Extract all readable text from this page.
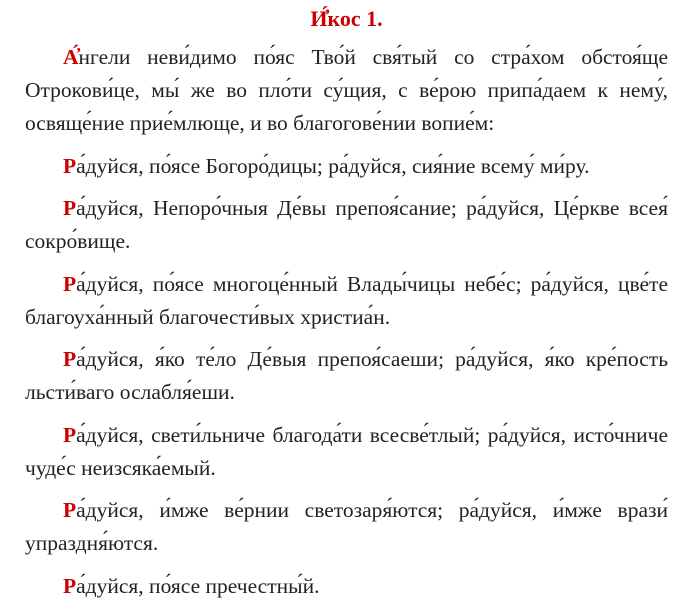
И҆́кос 1.

А҆́нгели неви́димо по́яс Тво́й свя́тый со стра́хом обстоя́ще Отрокови́це, мы́ же во пло́ти су́щия, с ве́рою припа́даем к нему́, освяще́ние прие́млюще, и во благогове́нии вопие́м:

Ра́дуйся, по́ясе Богоро́дицы; ра́дуйся, сия́ние всему́ ми́ру.

Ра́дуйся, Непоро́чныя Де́вы препоя́сание; ра́дуйся, Це́ркве всея́ сокро́вище.

Ра́дуйся, по́ясе многоце́нный Влады́чицы небе́с; ра́дуйся, цве́те благоуха́нный благочести́вых христиа́н.

Ра́дуйся, я́ко те́ло Де́выя препоя́саеши; ра́дуйся, я́ко кре́пость льсти́ваго ослабля́еши.

Ра́дуйся, свети́льниче благода́ти всесве́тлый; ра́дуйся, исто́чниче чуде́с неизсяка́емый.

Ра́дуйся, и́мже ве́рнии светозаря́ются; ра́дуйся, и́мже врази́ упраздня́ются.

Ра́дуйся, по́ясе пречестны́й.
